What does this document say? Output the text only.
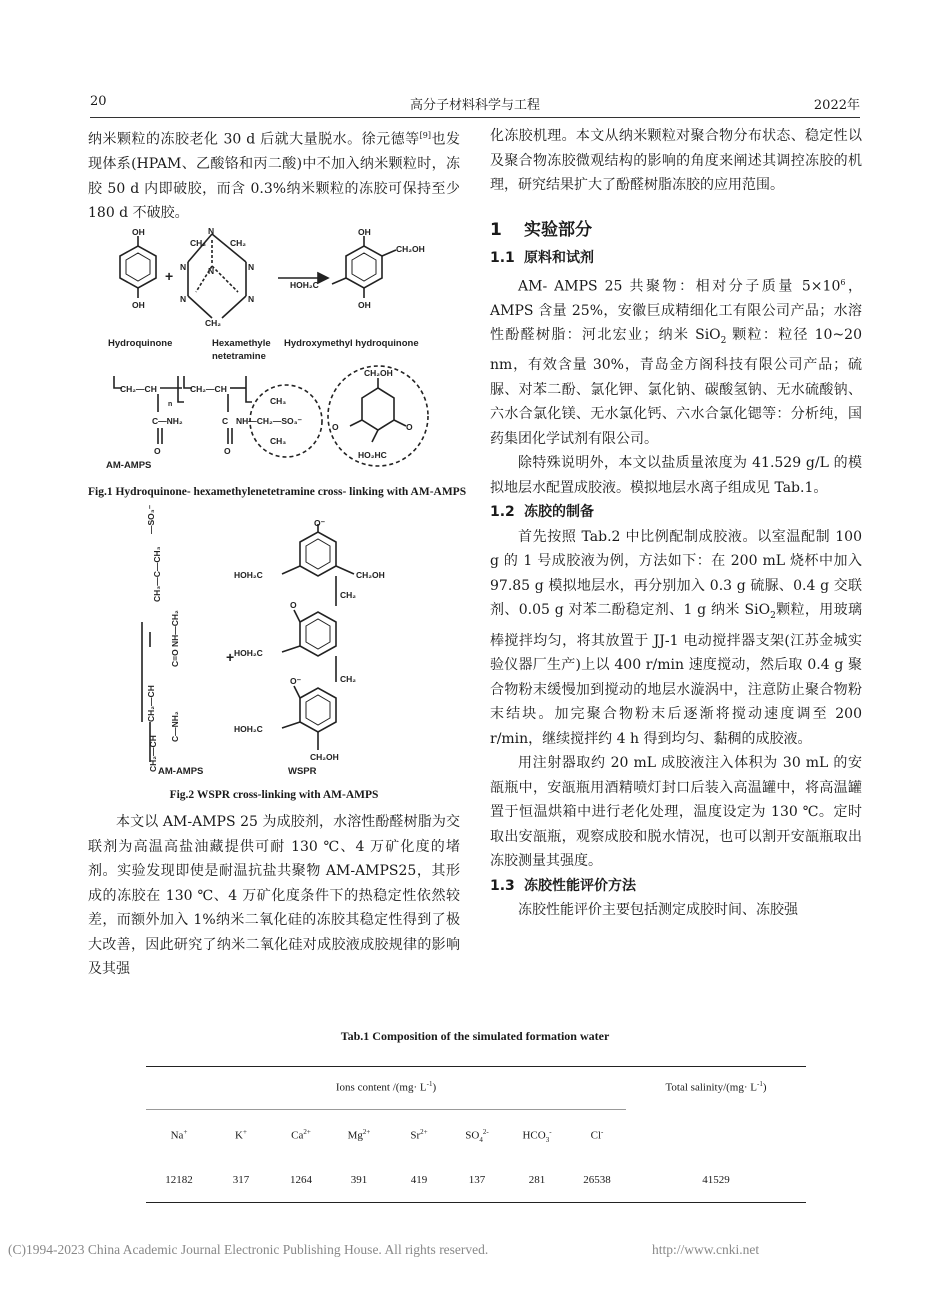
20	高分子材料科学与工程	2022年

纳米颗粒的冻胶老化 30 d 后就大量脱水。徐元德等[9]也发现体系(HPAM、乙酸铬和丙二酸)中不加入纳米颗粒时，冻胶 50 d 内即破胶，而含 0.3%纳米颗粒的冻胶可保持至少 180 d 不破胶。

OH
OH
N
N
N
N	N
N
CH₂	CH₂
CH₂
+
OH
OH
CH₂OH
HOH₂C
CH₂—CH	CH₂—CH
n
C—NH₂
O
C NH—CH₂—SO₃⁻
O
CH₃
CH₃
CH₂OH
O	O
HO₂HC
Hydroquinone	Hexamethyle
netetramine
Hydroxymethyl hydroquinone
AM-AMPS
Fig.1 Hydroquinone- hexamethylenetetramine cross- linking with AM-AMPS
—SO₃⁻
CH₃—C—CH₃
NH—CH₂
C=O
CH₂—CH
C—NH₂
CH₂—CH
O⁻
HOH₂C	CH₂OH
CH₂
O
HOH₂C
O⁻	CH₂
HOH₂C
CH₂OH
+
AM-AMPS	WSPR
Fig.2 WSPR cross-linking with AM-AMPS

本文以 AM-AMPS 25 为成胶剂，水溶性酚醛树脂为交联剂为高温高盐油藏提供可耐 130 ℃、4 万矿化度的堵剂。实验发现即使是耐温抗盐共聚物 AM-AMPS25，其形成的冻胶在 130 ℃、4 万矿化度条件下的热稳定性依然较差，而额外加入 1%纳米二氧化硅的冻胶其稳定性得到了极大改善，因此研究了纳米二氧化硅对成胶液成胶规律的影响及其强

化冻胶机理。本文从纳米颗粒对聚合物分布状态、稳定性以及聚合物冻胶微观结构的影响的角度来阐述其调控冻胶的机理，研究结果扩大了酚醛树脂冻胶的应用范围。

1 实验部分
1.1 原料和试剂

AM- AMPS 25 共聚物：相对分子质量 $5\times 10^6$，AMPS 含量 25%，安徽巨成精细化工有限公司产品；水溶性酚醛树脂：河北宏业；纳米 SiO$_2$ 颗粒：粒径 10~20 nm，有效含量 30%，青岛金方阁科技有限公司产品；硫脲、对苯二酚、氯化钾、氯化钠、碳酸氢钠、无水硫酸钠、六水合氯化镁、无水氯化钙、六水合氯化锶等：分析纯，国药集团化学试剂有限公司。

除特殊说明外，本文以盐质量浓度为 41.529 g/L 的模拟地层水配置成胶液。模拟地层水离子组成见 Tab.1。

1.2 冻胶的制备

首先按照 Tab.2 中比例配制成胶液。以室温配制 100 g 的 1 号成胶液为例，方法如下：在 200 mL 烧杯中加入 97.85 g 模拟地层水，再分别加入 0.3 g 硫脲、0.4 g 交联剂、0.05 g 对苯二酚稳定剂、1 g 纳米 SiO$_2$颗粒，用玻璃棒搅拌均匀，将其放置于 JJ-1 电动搅拌器支架(江苏金城实验仪器厂生产)上以 400 r/min 速度搅动，然后取 0.4 g 聚合物粉末缓慢加到搅动的地层水漩涡中，注意防止聚合物粉末结块。加完聚合物粉末后逐渐将搅动速度调至 200 r/min，继续搅拌约 4 h 得到均匀、黏稠的成胶液。

用注射器取约 20 mL 成胶液注入体积为 30 mL 的安瓿瓶中，安瓿瓶用酒精喷灯封口后装入高温罐中，将高温罐置于恒温烘箱中进行老化处理，温度设定为 130 ℃。定时取出安瓿瓶，观察成胶和脱水情况，也可以割开安瓿瓶取出冻胶测量其强度。

1.3 冻胶性能评价方法

冻胶性能评价主要包括测定成胶时间、冻胶强

Tab.1 Composition of the simulated formation water
Ions content $/(mg\cdot L^{-1})$	Total salinity/(mg· $L^{-1}$)
Na+	K+	$Ca^{2+}$	$Mg^{2+}$	$Sr^{2+}$	$SO_4^{2-}$	$HCO_3^-$	Cl-
12182	317	1264	391	419	137	281	26538	41529
(C)1994-2023 China Academic Journal Electronic Publishing House. All rights reserved.	http://www.cnki.net
